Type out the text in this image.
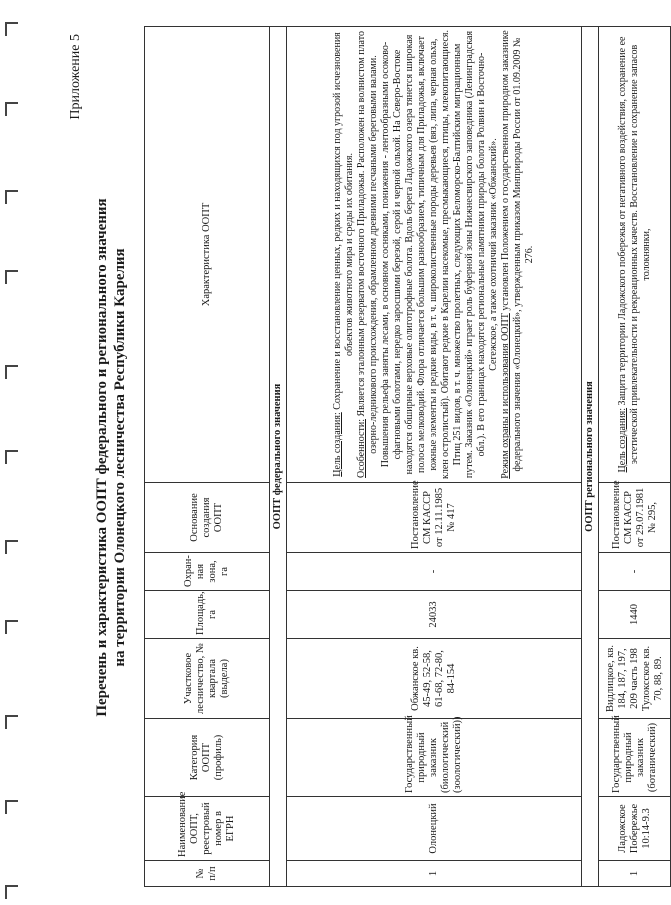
Приложение 5
Перечень и характеристика ООПТ федерального и регионального значения на территории Олонецкого лесничества Республики Карелия
№ п/п	Наименование ООПТ, реестровый номер в ЕГРН	Категория ООПТ (профиль)	Участковое лесничество, № квартала (выдела)	Площадь, га	Охран-ная зона, га	Основание создания ООПТ	Характеристика ООПТ
ООПТ федерального значения							
1	Олонецкий	Государственный природный заказник (биологический (зоологический))	Обжанское кв. 45-49, 52-58, 61-68, 72-80, 84-154	24033	-	Постановление СМ КАССР от 12.11.1985 № 417	Цель создания: Сохранение и восстановление ценных, редких и находящихся под угрозой исчезновения объектов животного мира и среды их обитания.
Особенности: Является эталонным резерватом восточного Приладожья. Расположен на волнистом плато озерно-ледникового происхождения, обрамленном древними песчаными береговыми валами. Повышения рельефа заняты лесами, в основном сосняками, понижения - лентообразными осоково-сфагновыми болотами, нередко заросшими березой, серой и черной ольхой. На Северо-Востоке находятся обширные верховые олиготрофные болота. Вдоль берега Ладожского озера тянется широкая полоса мелководий. Флора отличается большим разнообразием, типичным для Приладожья, включает южные элементы и редкие виды, в т. ч. широколиственные породы деревьев (вяз, липа, черная ольха, клен остролистый). Обитают редкие в Карелии насекомые, пресмыкающиеся, птицы, млекопитающиеся. Птиц 251 видов, в т. ч. множество пролетных, следующих Беломорско-Балтийским миграционным путем. Заказник «Олонецкий» играет роль буферной зоны Нижнесвирского заповедника (Ленинградская обл.). В его границах находятся региональные памятники природы болота Ролвин и Восточно-Сегежское, а также охотничий заказник «Обжанский».
Режим охраны и использования ООПТ установлен Положением о государственном природном заказнике федерального значения «Олонецкий», утвержденным приказом Минприроды России от 01.09.2009 № 276.
ООПТ регионального значения							
1	Ладожское Побережье 10:14-9.3	Государственный природный заказник (ботанический)	Видлицкое, кв. 184, 187, 197, 209 часть 198 Тулоксское кв. 70, 88, 89.	1440	-	Постановление СМ КАССР от 29.07.1981 № 295,	Цель создания: Защита территории Ладожского побережья от негативного воздействия, сохранение ее эстетической привлекательности и рекреационных качеств. Восстановление и сохранение запасов толокнянки,
